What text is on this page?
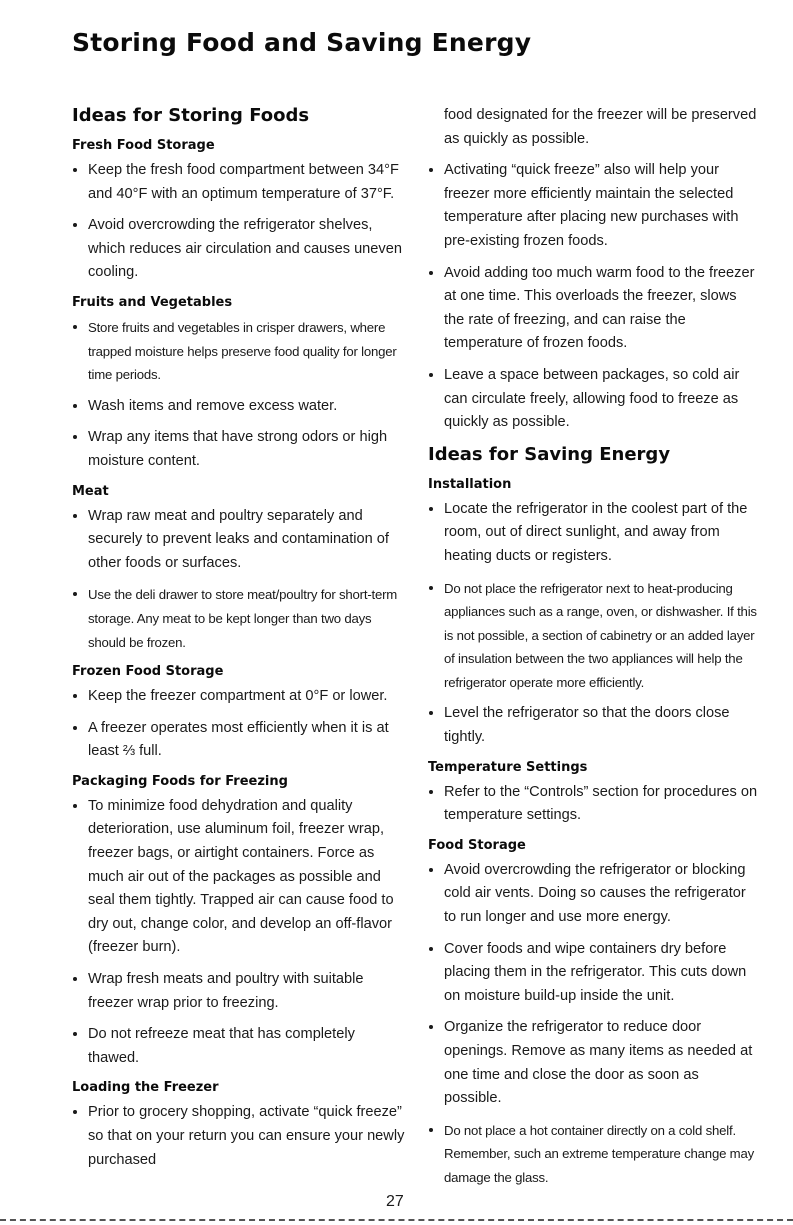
Storing Food and Saving Energy
Ideas for Storing Foods
Fresh Food Storage
Keep the fresh food compartment between 34°F and 40°F with an optimum temperature of 37°F.
Avoid overcrowding the refrigerator shelves, which reduces air circulation and causes uneven cooling.
Fruits and Vegetables
Store fruits and vegetables in crisper drawers, where trapped moisture helps preserve food quality for longer time periods.
Wash items and remove excess water.
Wrap any items that have strong odors or high moisture content.
Meat
Wrap raw meat and poultry separately and securely to prevent leaks and contamination of other foods or surfaces.
Use the deli drawer to store meat/poultry for short-term storage. Any meat to be kept longer than two days should be frozen.
Frozen Food Storage
Keep the freezer compartment at 0°F or lower.
A freezer operates most efficiently when it is at least ⅔ full.
Packaging Foods for Freezing
To minimize food dehydration and quality deterioration, use aluminum foil, freezer wrap, freezer bags, or airtight containers. Force as much air out of the packages as possible and seal them tightly. Trapped air can cause food to dry out, change color, and develop an off-flavor (freezer burn).
Wrap fresh meats and poultry with suitable freezer wrap prior to freezing.
Do not refreeze meat that has completely thawed.
Loading the Freezer
Prior to grocery shopping, activate “quick freeze” so that on your return you can ensure your newly purchased

food designated for the freezer will be preserved as quickly as possible.

Activating “quick freeze” also will help your freezer more efficiently maintain the selected temperature after placing new purchases with pre-existing frozen foods.
Avoid adding too much warm food to the freezer at one time. This overloads the freezer, slows the rate of freezing, and can raise the temperature of frozen foods.
Leave a space between packages, so cold air can circulate freely, allowing food to freeze as quickly as possible.
Ideas for Saving Energy
Installation
Locate the refrigerator in the coolest part of the room, out of direct sunlight, and away from heating ducts or registers.
Do not place the refrigerator next to heat-producing appliances such as a range, oven, or dishwasher. If this is not possible, a section of cabinetry or an added layer of insulation between the two appliances will help the refrigerator operate more efficiently.
Level the refrigerator so that the doors close tightly.
Temperature Settings
Refer to the “Controls” section for procedures on temperature settings.
Food Storage
Avoid overcrowding the refrigerator or blocking cold air vents. Doing so causes the refrigerator to run longer and use more energy.
Cover foods and wipe containers dry before placing them in the refrigerator. This cuts down on moisture build-up inside the unit.
Organize the refrigerator to reduce door openings. Remove as many items as needed at one time and close the door as soon as possible.
Do not place a hot container directly on a cold shelf. Remember, such an extreme temperature change may damage the glass.
27
